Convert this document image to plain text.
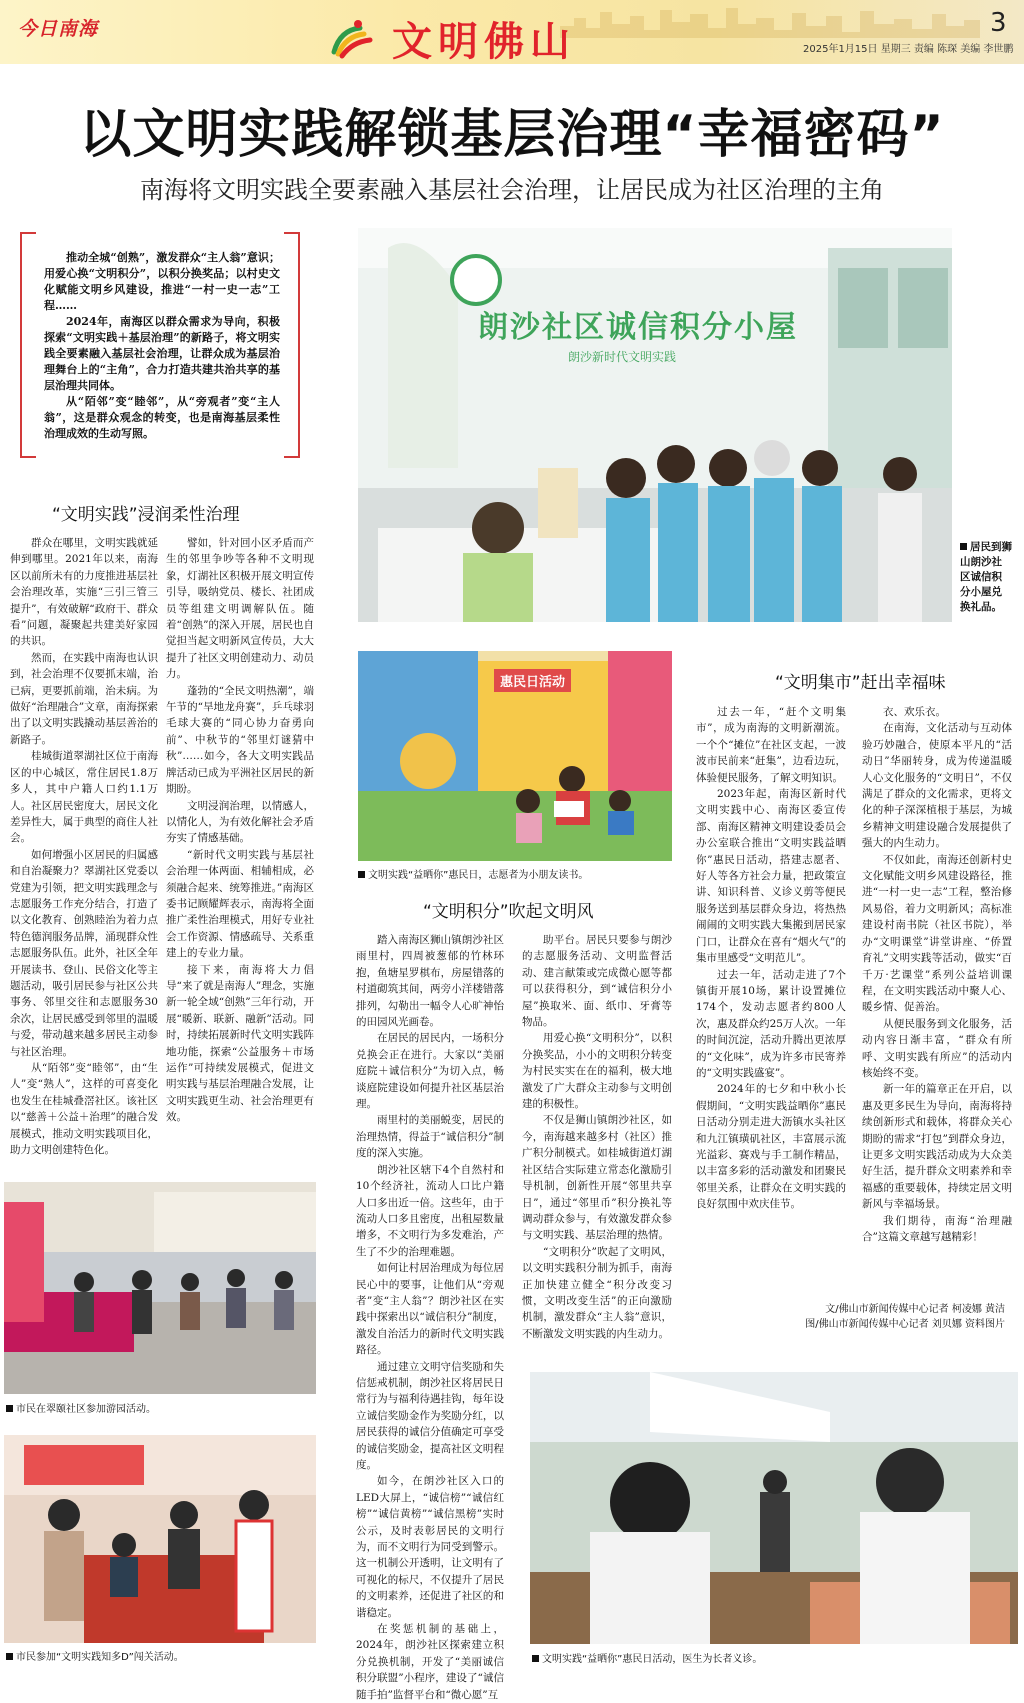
今日南海	文明佛山	3
2025年1月15日 星期三 责编 陈琛 美编 李世鹏
以文明实践解锁基层治理“幸福密码”
南海将文明实践全要素融入基层社会治理，让居民成为社区治理的主角

推动全城“创熟”，激发群众“主人翁”意识；用爱心换“文明积分”，以积分换奖品；以村史文化赋能文明乡风建设，推进“一村一史一志”工程……

2024年，南海区以群众需求为导向，积极探索“文明实践＋基层治理”的新路子，将文明实践全要素融入基层社会治理，让群众成为基层治理舞台上的“主角”，合力打造共建共治共享的基层治理共同体。

从“陌邻”变“睦邻”，从“旁观者”变“主人翁”，这是群众观念的转变，也是南海基层柔性治理成效的生动写照。

“文明实践”浸润柔性治理

群众在哪里，文明实践就延伸到哪里。2021年以来，南海区以前所未有的力度推进基层社会治理改革，实施“三引三管三提升”，有效破解“政府干、群众看”问题，凝聚起共建美好家园的共识。

然而，在实践中南海也认识到，社会治理不仅要抓末端，治已病，更要抓前端，治未病。为做好“治理融合”文章，南海探索出了以文明实践撬动基层善治的新路子。

桂城街道翠湖社区位于南海区的中心城区，常住居民1.8万多人，其中户籍人口约1.1万人。社区居民密度大，居民文化差异性大，属于典型的商住人社会。

如何增强小区居民的归属感和自治凝聚力？翠湖社区党委以党建为引领，把文明实践理念与志愿服务工作充分结合，打造了以文化教育、创熟睦治为着力点特色德润服务品牌，涌现群众性志愿服务队伍。此外，社区全年开展读书、登山、民俗文化等主题活动，吸引居民参与社区公共事务、邻里交往和志愿服务30余次，让居民感受到邻里的温暖与爱，带动越来越多居民主动参与社区治理。

从“陌邻”变“睦邻”，由“生人”变“熟人”，这样的可喜变化也发生在桂城叠滘社区。该社区以“慈善＋公益＋治理”的融合发展模式，推动文明实践项目化，助力文明创建特色化。

譬如，针对回小区矛盾而产生的邻里争吵等各种不文明现象，灯湖社区积极开展文明宣传引导，吸纳党员、楼长、社团成员等组建文明调解队伍。随着“创熟”的深入开展，居民也自觉担当起文明新风宣传员，大大提升了社区文明创建动力、动员力。

蓬勃的“全民文明热潮”，端午节的“旱地龙舟赛”，乒乓球羽毛球大赛的“同心协力奋勇向前”、中秋节的“邻里灯谜猜中秋”……如今，各大文明实践品牌活动已成为平洲社区居民的新期盼。

文明浸润治理，以情感人，以情化人，为有效化解社会矛盾夯实了情感基础。

“新时代文明实践与基层社会治理一体两面、相辅相成，必须融合起来、统筹推进。”南海区委书记顾耀辉表示，南海将全面推广柔性治理模式，用好专业社会工作资源、情感疏导、关系重建上的专业力量。

接下来，南海将大力倡导“来了就是南海人”理念，实施新一轮全域“创熟”三年行动，开展“暖新、联新、融新”活动。同时，持续拓展新时代文明实践阵地功能，探索“公益服务＋市场运作”可持续发展模式，促进文明实践与基层治理融合发展，让文明实践更生动、社会治理更有效。

朗沙社区诚信积分小屋
朗沙新时代文明实践
居民到狮山朗沙社区诚信积分小屋兑换礼品。
惠民日活动
文明实践“益晒你”惠民日，志愿者为小朋友读书。
“文明积分”吹起文明风

踏入南海区狮山镇朗沙社区雨里村，四周被葱郁的竹林环抱，鱼塘星罗棋布，房屋错落的村道砌筑其间，两旁小洋楼错落排列，勾勒出一幅令人心旷神怡的田园风光画卷。

在居民的居民内，一场积分兑换会正在进行。大家以“美丽庭院＋诚信积分”为切入点，畅谈庭院建设如何提升社区基层治理。

雨里村的美丽蜕变，居民的治理热情，得益于“诚信积分”制度的深入实施。

朗沙社区辖下4个自然村和10个经济社，流动人口比户籍人口多出近一倍。这些年，由于流动人口多且密度，出租屋数量增多，不文明行为多发难治，产生了不少的治理难题。

如何让村居治理成为每位居民心中的要事，让他们从“旁观者”变“主人翁”？朗沙社区在实践中探索出以“诚信积分”制度，激发自治活力的新时代文明实践路径。

通过建立文明守信奖励和失信惩戒机制，朗沙社区将居民日常行为与福利待遇挂钩，每年设立诚信奖励金作为奖励分红，以居民获得的诚信分值确定可享受的诚信奖励金，提高社区文明程度。

如今，在朗沙社区入口的LED大屏上，“诚信榜”“诚信红榜”“诚信黄榜”“诚信黑榜”实时公示，及时表彰居民的文明行为，而不文明行为同受到警示。这一机制公开透明，让文明有了可视化的标尺，不仅提升了居民的文明素养，还促进了社区的和谐稳定。

在奖惩机制的基础上，2024年，朗沙社区探索建立积分兑换机制，开发了“美丽诚信积分联盟”小程序，建设了“诚信随手拍”监督平台和“微心愿”互

助平台。居民只要参与朗沙的志愿服务活动、文明监督活动、建言献策或完成微心愿等都可以获得积分，到“诚信积分小屋”换取米、面、纸巾、牙膏等物品。

用爱心换“文明积分”，以积分换奖品，小小的文明积分转变为村民实实在在的福利，极大地激发了广大群众主动参与文明创建的积极性。

不仅是狮山镇朗沙社区，如今，南海越来越多村（社区）推广积分制模式。如桂城街道灯湖社区结合实际建立常态化激励引导机制，创新性开展“邻里共享日”，通过“邻里币”积分换礼等调动群众参与，有效激发群众参与文明实践、基层治理的热情。

“文明积分”吹起了文明风，以文明实践积分制为抓手，南海正加快建立健全“积分改变习惯，文明改变生活”的正向激励机制，激发群众“主人翁”意识，不断激发文明实践的内生动力。

“文明集市”赶出幸福味

过去一年，“赶个文明集市”，成为南海的文明新潮流。一个个“摊位”在社区支起，一波波市民前来“赶集”，边看边玩，体验便民服务，了解文明知识。

2023年起，南海区新时代文明实践中心、南海区委宣传部、南海区精神文明建设委员会办公室联合推出“文明实践益晒你”惠民日活动，搭建志愿者、好人等各方社会力量，把政策宣讲、知识科普、义诊义剪等便民服务送到基层群众身边，将热热闹闹的文明实践大集搬到居民家门口，让群众在喜有“烟火气”的集市里感受“文明范儿”。

过去一年，活动走进了7个镇街开展10场，累计设置摊位174个，发动志愿者约800人次，惠及群众约25万人次。一年的时间沉淀，活动升腾出更浓厚的“文化味”，成为许多市民寄养的“文明实践盛宴”。

2024年的七夕和中秋小长假期间，“文明实践益晒你”惠民日活动分别走进大沥镇水头社区和九江镇璜矶社区，丰富展示流光溢彩、赛戏与手工制作精品，以丰富多彩的活动激发和团聚民邻里关系，让群众在文明实践的良好氛围中欢庆佳节。

衣、欢乐衣。

在南海，文化活动与互动体验巧妙融合，使原本平凡的“活动日”华丽转身，成为传递温暖人心文化服务的“文明日”，不仅满足了群众的文化需求，更将文化的种子深深植根于基层，为城乡精神文明建设融合发展提供了强大的内生动力。

不仅如此，南海还创新村史文化赋能文明乡风建设路径，推进“一村一史一志”工程，整治修风易俗，着力文明新风；高标准建设村南书院（社区书院），举办“文明课堂”讲堂讲座、“侨置育礼”文明实践等活动，做实“百千万·艺课堂”系列公益培训课程，在文明实践活动中聚人心、暖乡情、促善治。

从便民服务到文化服务，活动内容日渐丰富，“群众有所呼、文明实践有所应”的活动内核始终不变。

新一年的篇章正在开启，以惠及更多民生为导向，南海将持续创新形式和载体，将群众关心期盼的需求“打包”到群众身边，让更多文明实践活动成为大众美好生活，提升群众文明素养和幸福感的重要载体，持续定居文明新风与幸福场景。

我们期待，南海“治理融合”这篇文章越写越精彩！

文/佛山市新闻传媒中心记者 柯凌娜 黄洁
图/佛山市新闻传媒中心记者 刘贝娜 资料图片
市民在翠颐社区参加游园活动。
市民参加“文明实践知多D”闯关活动。	文明实践“益晒你”惠民日活动，医生为长者义诊。
